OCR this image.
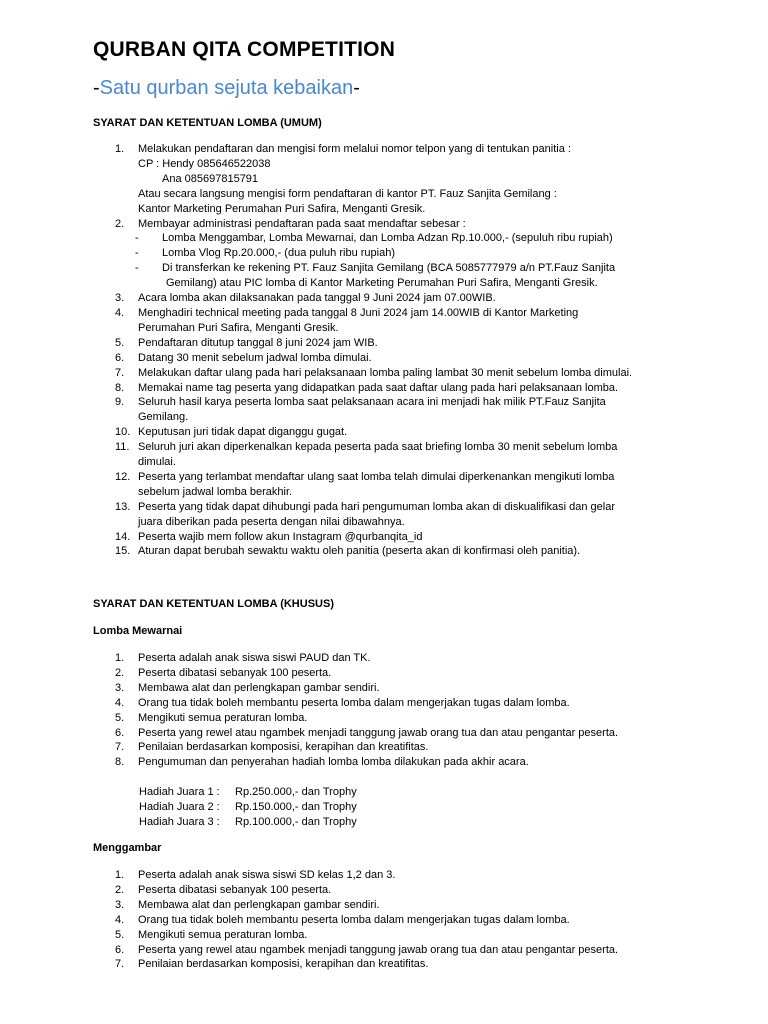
QURBAN QITA COMPETITION

-Satu qurban sejuta kebaikan-

SYARAT DAN KETENTUAN LOMBA (UMUM)

1.	Melakukan pendaftaran dan mengisi form melalui nomor telpon yang di tentukan panitia :
CP : Hendy 085646522038
Ana 085697815791
Atau secara langsung mengisi form pendaftaran di kantor PT. Fauz Sanjita Gemilang :
Kantor Marketing Perumahan Puri Safira, Menganti Gresik.
2.	Membayar administrasi pendaftaran pada saat mendaftar sebesar :
- Lomba Menggambar, Lomba Mewarnai, dan Lomba Adzan Rp.10.000,- (sepuluh ribu rupiah)
- Lomba Vlog Rp.20.000,- (dua puluh ribu rupiah)
- Di transferkan ke rekening PT. Fauz Sanjita Gemilang (BCA 5085777979 a/n PT.Fauz Sanjita
Gemilang) atau PIC lomba di Kantor Marketing Perumahan Puri Safira, Menganti Gresik.
3.	Acara lomba akan dilaksanakan pada tanggal 9 Juni 2024 jam 07.00WIB.
4.	Menghadiri technical meeting pada tanggal 8 Juni 2024 jam 14.00WIB di Kantor Marketing
Perumahan Puri Safira, Menganti Gresik.
5.	Pendaftaran ditutup tanggal 8 juni 2024 jam WIB.
6.	Datang 30 menit sebelum jadwal lomba dimulai.
7.	Melakukan daftar ulang pada hari pelaksanaan lomba paling lambat 30 menit sebelum lomba dimulai.
8.	Memakai name tag peserta yang didapatkan pada saat daftar ulang pada hari pelaksanaan lomba.
9.	Seluruh hasil karya peserta lomba saat pelaksanaan acara ini menjadi hak milik PT.Fauz Sanjita
Gemilang.
10. Keputusan juri tidak dapat diganggu gugat.
11. Seluruh juri akan diperkenalkan kepada peserta pada saat briefing lomba 30 menit sebelum lomba
dimulai.
12. Peserta yang terlambat mendaftar ulang saat lomba telah dimulai diperkenankan mengikuti lomba
sebelum jadwal lomba berakhir.
13. Peserta yang tidak dapat dihubungi pada hari pengumuman lomba akan di diskualifikasi dan gelar
juara diberikan pada peserta dengan nilai dibawahnya.
14. Peserta wajib mem follow akun Instagram @qurbanqita_id
15. Aturan dapat berubah sewaktu waktu oleh panitia (peserta akan di konfirmasi oleh panitia).

SYARAT DAN KETENTUAN LOMBA (KHUSUS)

Lomba Mewarnai

1.	Peserta adalah anak siswa siswi PAUD dan TK.
2.	Peserta dibatasi sebanyak 100 peserta.
3.	Membawa alat dan perlengkapan gambar sendiri.
4.	Orang tua tidak boleh membantu peserta lomba dalam mengerjakan tugas dalam lomba.
5.	Mengikuti semua peraturan lomba.
6.	Peserta yang rewel atau ngambek menjadi tanggung jawab orang tua dan atau pengantar peserta.
7.	Penilaian berdasarkan komposisi, kerapihan dan kreatifitas.
8.	Pengumuman dan penyerahan hadiah lomba lomba dilakukan pada akhir acara.
Hadiah Juara 1 : Rp.250.000,- dan Trophy
Hadiah Juara 2 : Rp.150.000,- dan Trophy
Hadiah Juara 3 : Rp.100.000,- dan Trophy

Menggambar

1.	Peserta adalah anak siswa siswi SD kelas 1,2 dan 3.
2.	Peserta dibatasi sebanyak 100 peserta.
3.	Membawa alat dan perlengkapan gambar sendiri.
4.	Orang tua tidak boleh membantu peserta lomba dalam mengerjakan tugas dalam lomba.
5.	Mengikuti semua peraturan lomba.
6.	Peserta yang rewel atau ngambek menjadi tanggung jawab orang tua dan atau pengantar peserta.
7.	Penilaian berdasarkan komposisi, kerapihan dan kreatifitas.
